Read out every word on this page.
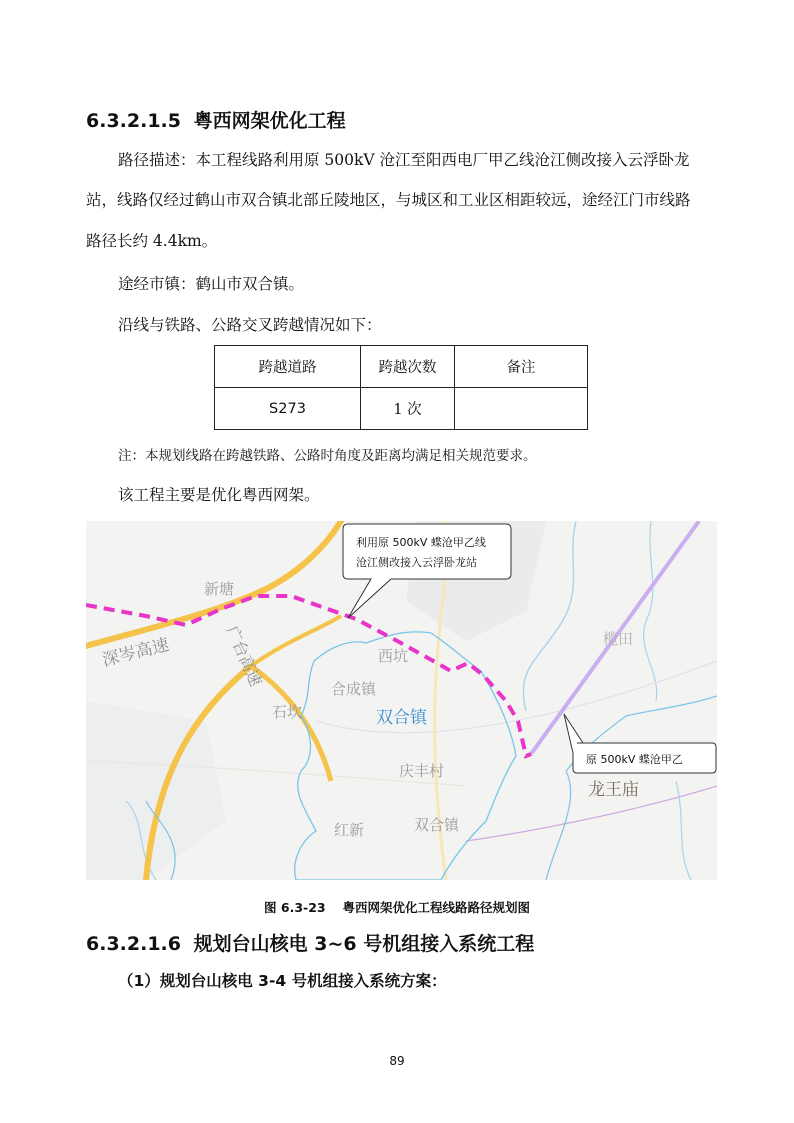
6.3.2.1.5 粤西网架优化工程
路径描述：本工程线路利用原 500kV 沧江至阳西电厂甲乙线沧江侧改接入云浮卧龙
站，线路仅经过鹤山市双合镇北部丘陵地区，与城区和工业区相距较远，途经江门市线路
路径长约 4.4km。
途经市镇：鹤山市双合镇。
沿线与铁路、公路交叉跨越情况如下：
跨越道路	跨越次数	备注
S273	1 次	
注：本规划线路在跨越铁路、公路时角度及距离均满足相关规范要求。
该工程主要是优化粤西网架。
新塘
深岑高速	广台高速	合成镇
西坑
石坎	双合镇
庆丰村
红新	双合镇
龙王庙
榄田
利用原 500kV 蝶沧甲乙线
沧江侧改接入云浮卧龙站
原 500kV 蝶沧甲乙
图 6.3-23　 粤西网架优化工程线路路径规划图
6.3.2.1.6 规划台山核电 3~6 号机组接入系统工程
（1）规划台山核电 3-4 号机组接入系统方案：
89
